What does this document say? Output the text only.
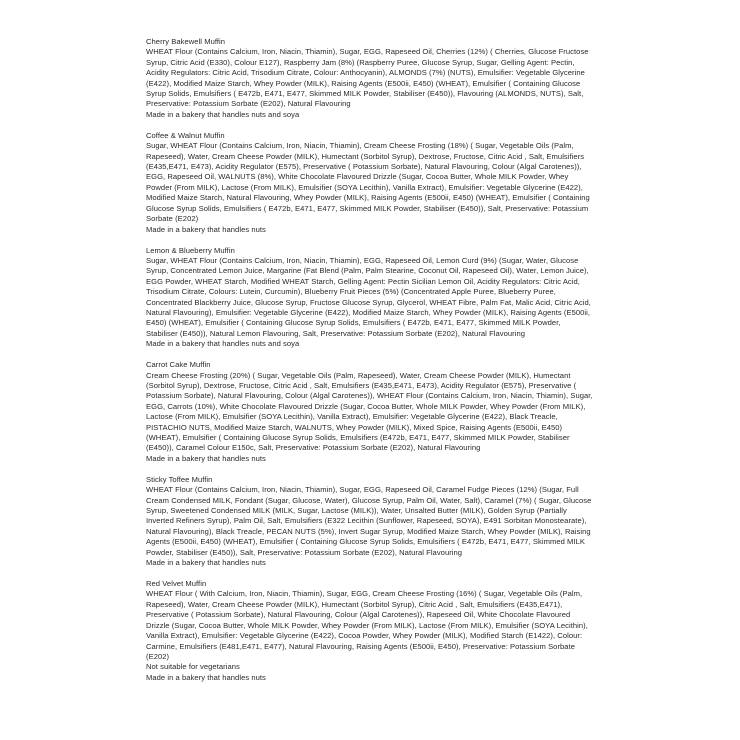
Cherry Bakewell Muffin
WHEAT Flour (Contains Calcium, Iron, Niacin, Thiamin), Sugar, EGG, Rapeseed Oil, Cherries (12%) ( Cherries, Glucose Fructose Syrup, Citric Acid (E330), Colour E127), Raspberry Jam (8%) (Raspberry Puree, Glucose Syrup, Sugar, Gelling Agent: Pectin, Acidity Regulators: Citric Acid, Trisodium Citrate, Colour: Anthocyanin), ALMONDS (7%) (NUTS), Emulsifier: Vegetable Glycerine (E422), Modified Maize Starch, Whey Powder (MILK), Raising Agents (E500ii, E450) (WHEAT), Emulsifier ( Containing Glucose Syrup Solids, Emulsifiers ( E472b, E471, E477, Skimmed MILK Powder, Stabiliser (E450)), Flavouring (ALMONDS, NUTS), Salt, Preservative: Potassium Sorbate (E202), Natural Flavouring
Made in a bakery that handles nuts and soya
Coffee & Walnut Muffin
Sugar, WHEAT Flour (Contains Calcium, Iron, Niacin, Thiamin), Cream Cheese Frosting (18%) ( Sugar, Vegetable Oils (Palm, Rapeseed), Water, Cream Cheese Powder (MILK), Humectant (Sorbitol Syrup), Dextrose, Fructose, Citric Acid , Salt, Emulsifiers (E435,E471, E473), Acidity Regulator (E575), Preservative ( Potassium Sorbate), Natural Flavouring, Colour (Algal Carotenes)), EGG, Rapeseed Oil, WALNUTS (8%), White Chocolate Flavoured Drizzle (Sugar, Cocoa Butter, Whole MILK Powder, Whey Powder (From MILK), Lactose (From MILK), Emulsifier (SOYA Lecithin), Vanilla Extract), Emulsifier: Vegetable Glycerine (E422), Modified Maize Starch, Natural Flavouring, Whey Powder (MILK), Raising Agents (E500ii, E450) (WHEAT), Emulsifier ( Containing Glucose Syrup Solids, Emulsifiers ( E472b, E471, E477, Skimmed MILK Powder, Stabiliser (E450)), Salt, Preservative: Potassium Sorbate (E202)
Made in a bakery that handles nuts
Lemon & Blueberry Muffin
Sugar, WHEAT Flour (Contains Calcium, Iron, Niacin, Thiamin), EGG, Rapeseed Oil, Lemon Curd (9%) (Sugar, Water, Glucose Syrup, Concentrated Lemon Juice, Margarine (Fat Blend (Palm, Palm Stearine, Coconut Oil, Rapeseed Oil), Water, Lemon Juice), EGG Powder, WHEAT Starch, Modified WHEAT Starch, Gelling Agent: Pectin Sicilian Lemon Oil, Acidity Regulators: Citric Acid, Trisodium Citrate, Colours: Lutein, Curcumin), Blueberry Fruit Pieces (5%) (Concentrated Apple Puree, Blueberry Puree, Concentrated Blackberry Juice, Glucose Syrup, Fructose Glucose Syrup, Glycerol, WHEAT Fibre, Palm Fat, Malic Acid, Citric Acid, Natural Flavouring), Emulsifier: Vegetable Glycerine (E422), Modified Maize Starch, Whey Powder (MILK), Raising Agents (E500ii, E450) (WHEAT), Emulsifier ( Containing Glucose Syrup Solids, Emulsifiers ( E472b, E471, E477, Skimmed MILK Powder, Stabiliser (E450)), Natural Lemon Flavouring, Salt, Preservative: Potassium Sorbate (E202), Natural Flavouring
Made in a bakery that handles nuts and soya
Carrot Cake Muffin
Cream Cheese Frosting (20%) ( Sugar, Vegetable Oils (Palm, Rapeseed), Water, Cream Cheese Powder (MILK), Humectant (Sorbitol Syrup), Dextrose, Fructose, Citric Acid , Salt, Emulsifiers (E435,E471, E473), Acidity Regulator (E575), Preservative ( Potassium Sorbate), Natural Flavouring, Colour (Algal Carotenes)), WHEAT Flour (Contains Calcium, Iron, Niacin, Thiamin), Sugar, EGG, Carrots (10%), White Chocolate Flavoured Drizzle (Sugar, Cocoa Butter, Whole MILK Powder, Whey Powder (From MILK), Lactose (From MILK), Emulsifier (SOYA Lecithin), Vanilla Extract), Emulsifier: Vegetable Glycerine (E422), Black Treacle, PISTACHIO NUTS, Modified Maize Starch, WALNUTS, Whey Powder (MILK), Mixed Spice, Raising Agents (E500ii, E450) (WHEAT), Emulsifier ( Containing Glucose Syrup Solids, Emulsifiers (E472b, E471, E477, Skimmed MILK Powder, Stabiliser (E450)), Caramel Colour E150c, Salt, Preservative: Potassium Sorbate (E202), Natural Flavouring
Made in a bakery that handles nuts
Sticky Toffee Muffin
WHEAT Flour (Contains Calcium, Iron, Niacin, Thiamin), Sugar, EGG, Rapeseed Oil, Caramel Fudge Pieces (12%) (Sugar, Full Cream Condensed MILK, Fondant (Sugar, Glucose, Water), Glucose Syrup, Palm Oil, Water, Salt), Caramel (7%) ( Sugar, Glucose Syrup, Sweetened Condensed MILK (MILK, Sugar, Lactose (MILK)), Water, Unsalted Butter (MILK), Golden Syrup (Partially Inverted Refiners Syrup), Palm Oil, Salt, Emulsifiers (E322 Lecithin (Sunflower, Rapeseed, SOYA), E491 Sorbitan Monostearate), Natural Flavouring), Black Treacle, PECAN NUTS (5%), Invert Sugar Syrup, Modified Maize Starch, Whey Powder (MILK), Raising Agents (E500ii, E450) (WHEAT), Emulsifier ( Containing Glucose Syrup Solids, Emulsifiers ( E472b, E471, E477, Skimmed MILK Powder, Stabiliser (E450)), Salt, Preservative: Potassium Sorbate (E202), Natural Flavouring
Made in a bakery that handles nuts
Red Velvet Muffin
WHEAT Flour ( With Calcium, Iron, Niacin, Thiamin), Sugar, EGG, Cream Cheese Frosting (16%) ( Sugar, Vegetable Oils (Palm, Rapeseed), Water, Cream Cheese Powder (MILK), Humectant (Sorbitol Syrup), Citric Acid , Salt, Emulsifiers (E435,E471), Preservative ( Potassium Sorbate), Natural Flavouring, Colour (Algal Carotenes)), Rapeseed Oil, White Chocolate Flavoured Drizzle (Sugar, Cocoa Butter, Whole MILK Powder, Whey Powder (From MILK), Lactose (From MILK), Emulsifier (SOYA Lecithin), Vanilla Extract), Emulsifier: Vegetable Glycerine (E422), Cocoa Powder, Whey Powder (MILK), Modified Starch (E1422), Colour: Carmine, Emulsifiers (E481,E471, E477), Natural Flavouring, Raising Agents (E500ii, E450), Preservative: Potassium Sorbate (E202)
Not suitable for vegetarians
Made in a bakery that handles nuts
